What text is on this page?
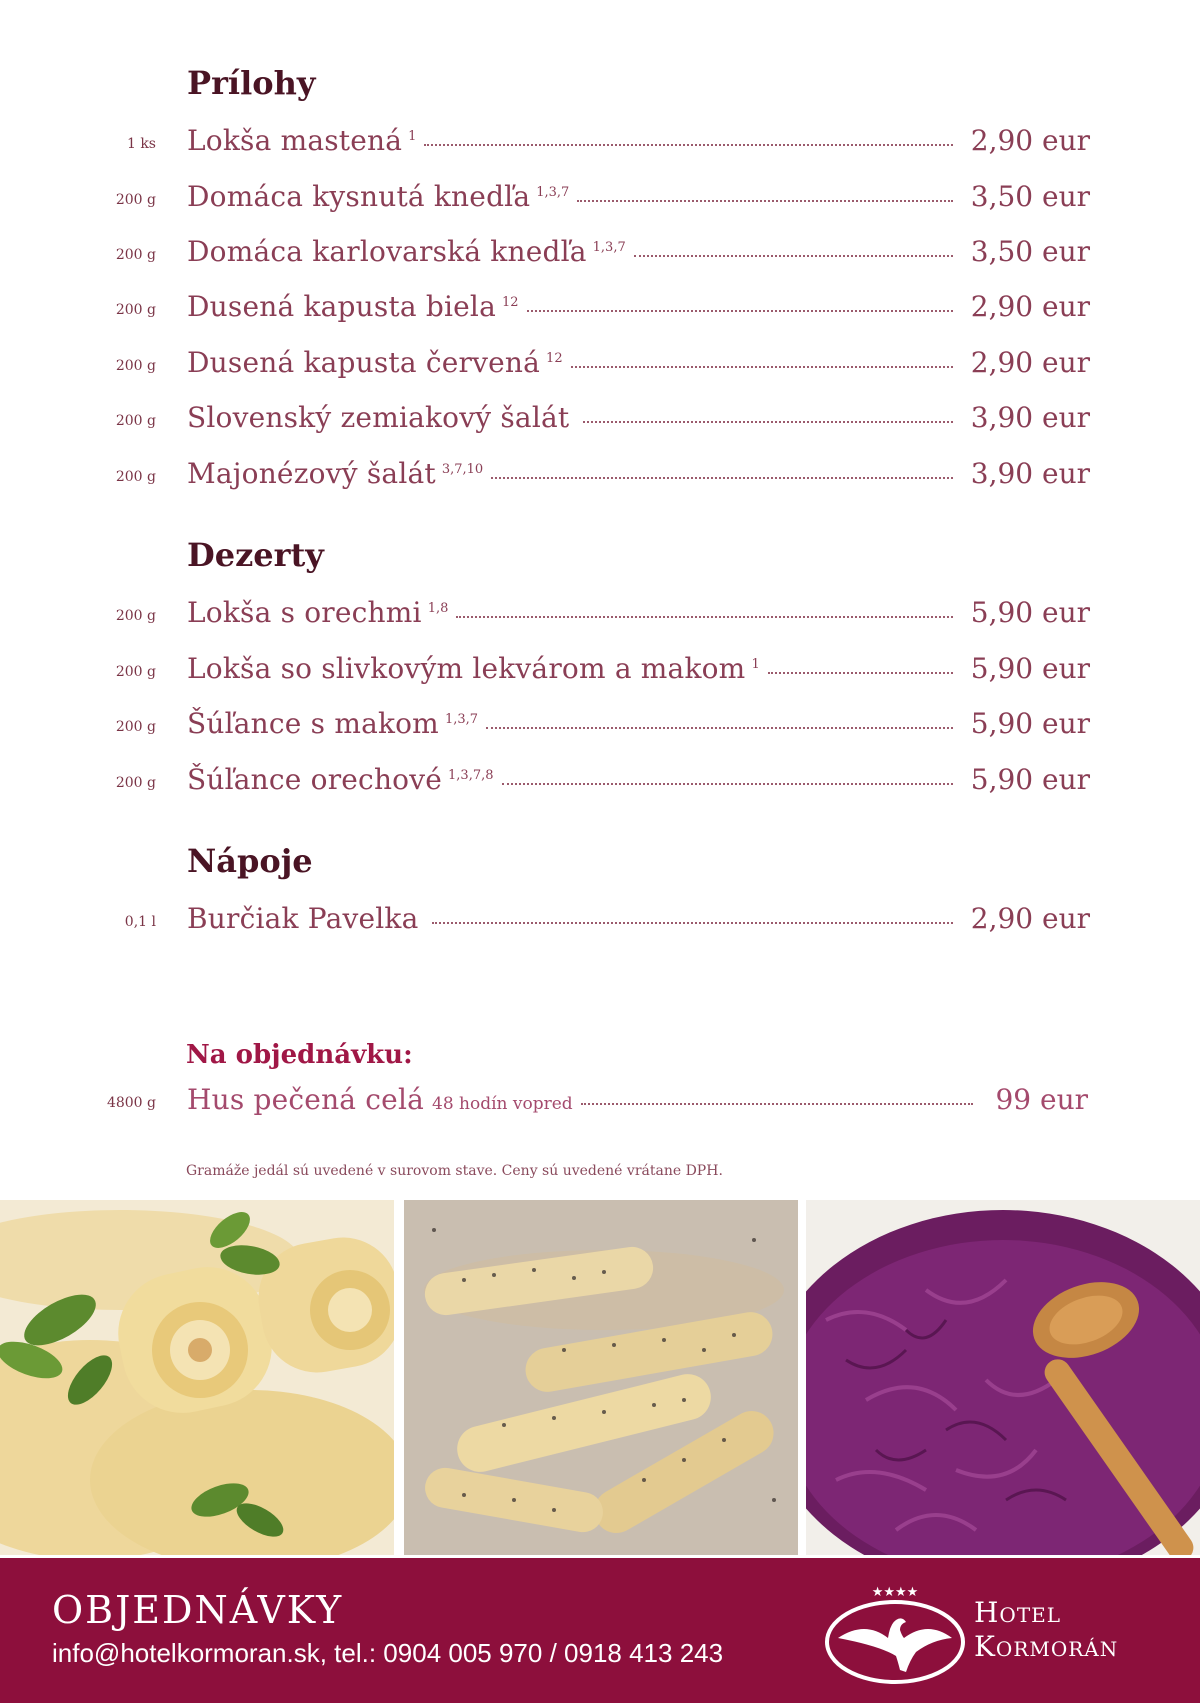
Prílohy
1 ks Lokša mastená 1	2,90 eur
200 g Domáca kysnutá knedľa 1,3,7	3,50 eur
200 g Domáca karlovarská knedľa 1,3,7	3,50 eur
200 g Dusená kapusta biela 12	2,90 eur
200 g Dusená kapusta červená 12	2,90 eur
200 g Slovenský zemiakový šalát	3,90 eur
200 g Majonézový šalát 3,7,10	3,90 eur
Dezerty
200 g Lokša s orechmi 1,8	5,90 eur
200 g Lokša so slivkovým lekvárom a makom 1	5,90 eur
200 g Šúľance s makom 1,3,7	5,90 eur
200 g Šúľance orechové 1,3,7,8	5,90 eur
Nápoje
0,1 l Burčiak Pavelka	2,90 eur
Na objednávku:
4800 g Hus pečená celá 48 hodín vopred	99 eur
Gramáže jedál sú uvedené v surovom stave. Ceny sú uvedené vrátane DPH.
OBJEDNÁVKY
info@hotelkormoran.sk, tel.: 0904 005 970 / 0918 413 243
★★★★
Hotel
Kormorán
